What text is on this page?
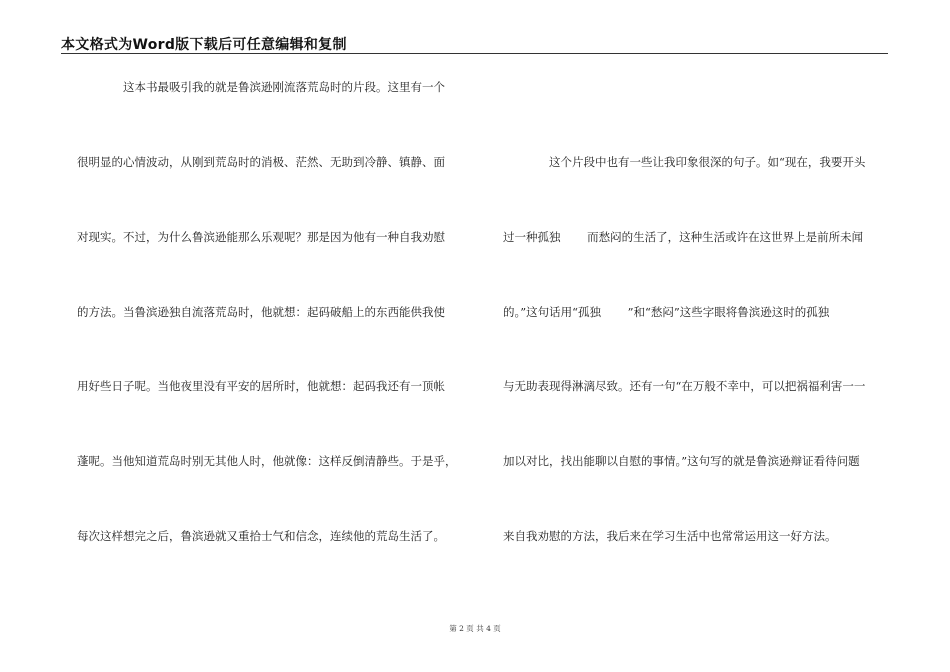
本文格式为Word版下载后可任意编辑和复制
这本书最吸引我的就是鲁滨逊刚流落荒岛时的片段。这里有一个
很明显的心情波动，从刚到荒岛时的消极、茫然、无助到冷静、镇静、面
对现实。不过，为什么鲁滨逊能那么乐观呢？那是因为他有一种自我劝慰
的方法。当鲁滨逊独自流落荒岛时，他就想：起码破船上的东西能供我使
用好些日子呢。当他夜里没有平安的居所时，他就想：起码我还有一顶帐
蓬呢。当他知道荒岛时别无其他人时，他就像：这样反倒清静些。于是乎，
每次这样想完之后，鲁滨逊就又重拾士气和信念，连续他的荒岛生活了。
这个片段中也有一些让我印象很深的句子。如“现在，我要开头
过一种孤独　　 而愁闷的生活了，这种生活或许在这世界上是前所未闻
的。”这句话用“孤独　　 ”和“愁闷”这些字眼将鲁滨逊这时的孤独
与无助表现得淋漓尽致。还有一句“在万般不幸中，可以把祸福利害一一
加以对比，找出能聊以自慰的事情。”这句写的就是鲁滨逊辩证看待问题
来自我劝慰的方法，我后来在学习生活中也常常运用这一好方法。
第 2 页 共 4 页
